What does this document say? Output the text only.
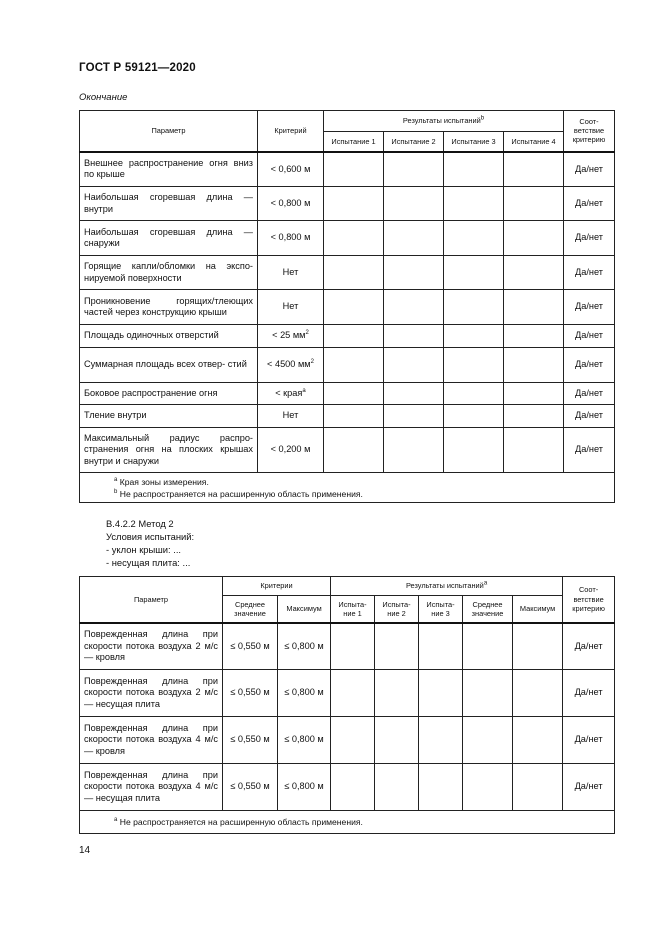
ГОСТ Р 59121—2020
Окончание
Параметр	Критерий	Результаты испытаний$^b$				Соот- ветствие критерию
		Испытание 1	Испытание 2	Испытание 3	Испытание 4	
Внешнее распространение огня вниз по крыше	< 0,600 м					Да/нет
Наибольшая сгоревшая длина — внутри	< 0,800 м					Да/нет
Наибольшая сгоревшая длина — снаружи	< 0,800 м					Да/нет
Горящие капли/обломки на экспо- нируемой поверхности	Нет					Да/нет
Проникновение горящих/тлеющих частей через конструкцию крыши	Нет					Да/нет
Площадь одиночных отверстий	< 25 $мм^2$					Да/нет
Суммарная площадь всех отвер- стий	< 4500 $мм^2$					Да/нет
Боковое распространение огня	< края$^a$					Да/нет
Тление внутри	Нет					Да/нет
Максимальный радиус распро- странения огня на плоских крышах внутри и снаружи	< 0,200 м					Да/нет

$^a$ Края зоны измерения.
$^b$ Не распространяется на расширенную область применения.						
В.4.2.2 Метод 2
Условия испытаний:
- уклон крыши: ...
- несущая плита: ...
Параметр	Критерии		Результаты испытаний$^a$					Соот- ветствие критерию
	Среднее значение	Максимум	Испыта- ние 1	Испыта- ние 2	Испыта- ние 3	Среднее значение	Максимум	
Поврежденная длина при скорости потока воздуха 2 м/с — кровля	≤ 0,550 м	≤ 0,800 м						Да/нет
Поврежденная длина при скорости потока воздуха 2 м/с — несущая плита	≤ 0,550 м	≤ 0,800 м						Да/нет
Поврежденная длина при скорости потока воздуха 4 м/с — кровля	≤ 0,550 м	≤ 0,800 м						Да/нет
Поврежденная длина при скорости потока воздуха 4 м/с — несущая плита	≤ 0,550 м	≤ 0,800 м						Да/нет

$^a$ Не распространяется на расширенную область применения.								
14
